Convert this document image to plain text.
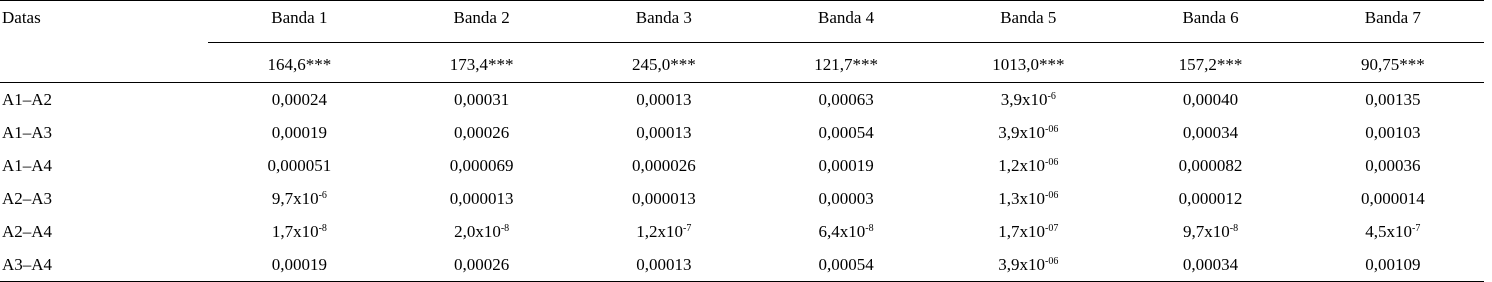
Datas	Banda 1	Banda 2	Banda 3	Banda 4	Banda 5	Banda 6	Banda 7
	164,6***	173,4***	245,0***	121,7***	1013,0***	157,2***	90,75***
A1–A2	0,00024	0,00031	0,00013	0,00063	$3,9x10^{-6}$	0,00040	0,00135
A1–A3	0,00019	0,00026	0,00013	0,00054	$3,9x10^{-06}$	0,00034	0,00103
A1–A4	0,000051	0,000069	0,000026	0,00019	$1,2x10^{-06}$	0,000082	0,00036
A2–A3	$9,7x10^{-6}$	0,000013	0,000013	0,00003	$1,3x10^{-06}$	0,000012	0,000014
A2–A4	$1,7x10^{-8}$	$2,0x10^{-8}$	$1,2x10^{-7}$	$6,4x10^{-8}$	$1,7x10^{-07}$	$9,7x10^{-8}$	$4,5x10^{-7}$
A3–A4	0,00019	0,00026	0,00013	0,00054	$3,9x10^{-06}$	0,00034	0,00109
